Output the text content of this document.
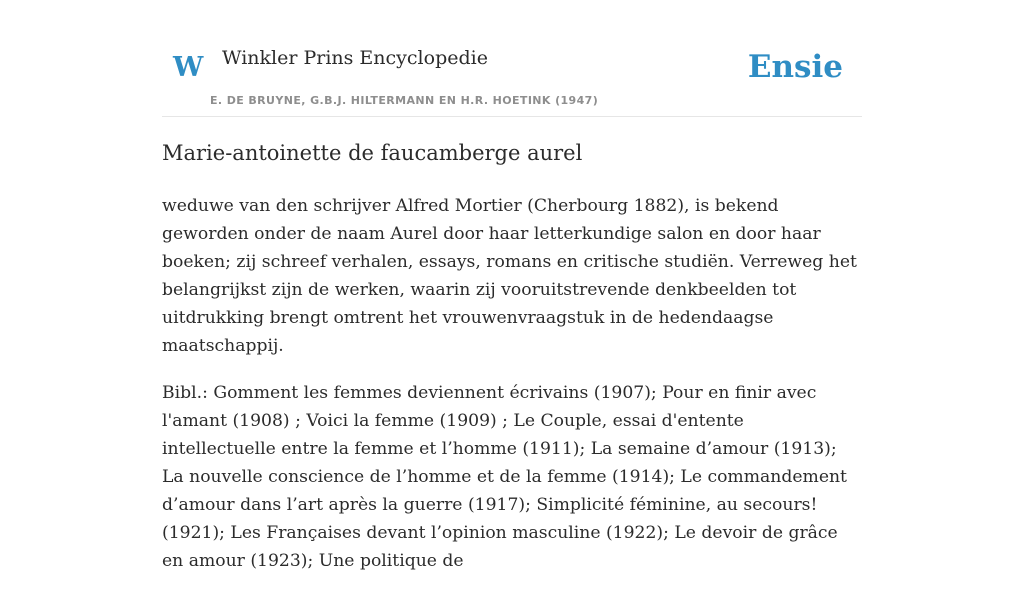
W Winkler Prins Encyclopedie
E. DE BRUYNE, G.B.J. HILTERMANN EN H.R. HOETINK (1947)
Ensie
Marie-antoinette de faucamberge aurel

weduwe van den schrijver Alfred Mortier (Cherbourg 1882), is bekend geworden onder de naam Aurel door haar letterkundige salon en door haar boeken; zij schreef verhalen, essays, romans en critische studiën. Verreweg het belangrijkst zijn de werken, waarin zij vooruitstrevende denkbeelden tot uitdrukking brengt omtrent het vrouwenvraagstuk in de hedendaagse maatschappij.

Bibl.: Gomment les femmes deviennent écrivains (1907); Pour en finir avec l'amant (1908) ; Voici la femme (1909) ; Le Couple, essai d'entente intellectuelle entre la femme et l’homme (1911); La semaine d’amour (1913); La nouvelle conscience de l’homme et de la femme (1914); Le commandement d’amour dans l’art après la guerre (1917); Simplicité féminine, au secours! (1921); Les Françaises devant l’opinion masculine (1922); Le devoir de grâce en amour (1923); Une politique de
